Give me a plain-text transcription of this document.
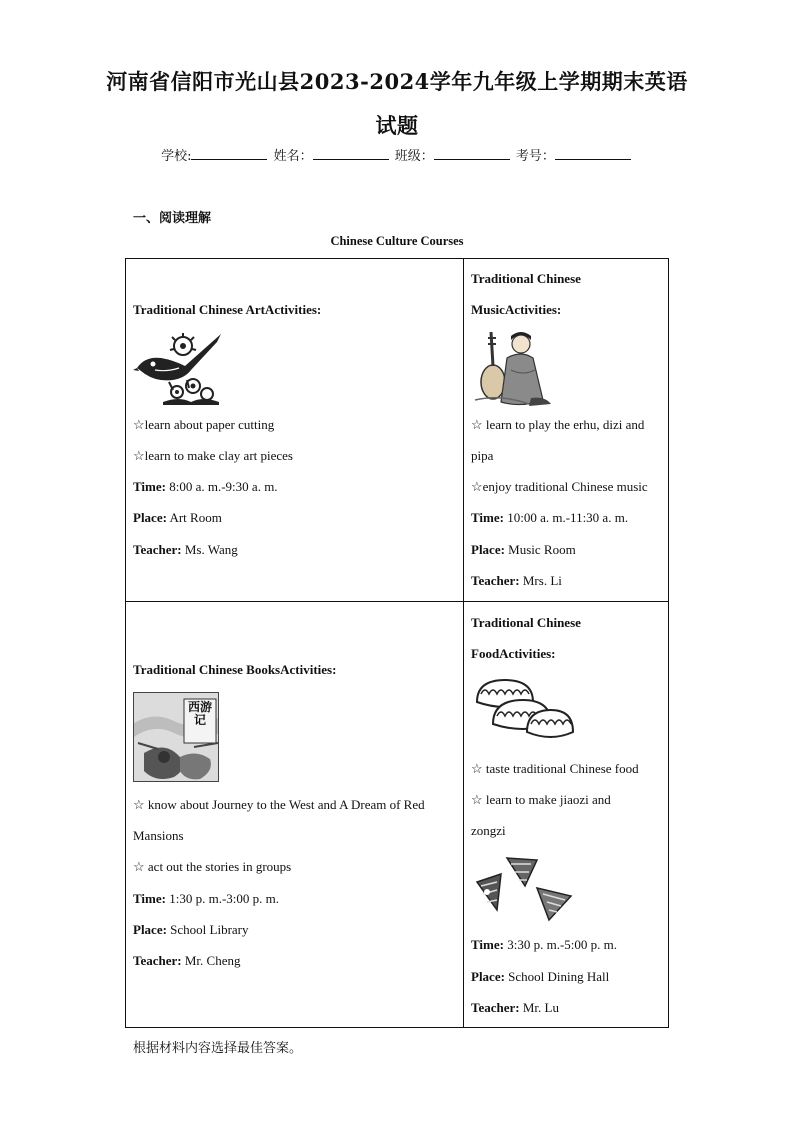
河南省信阳市光山县2023-2024学年九年级上学期期末英语
试题
学校:	姓名：	班级：	考号：
一、阅读理解
Chinese Culture Courses
Traditional Chinese ArtActivities:
☆learn about paper cutting
☆learn to make clay art pieces
Time: 8:00 a. m.-9:30 a. m.
Place: Art Room
Teacher: Ms. Wang
Traditional Chinese
MusicActivities:
☆ learn to play the erhu, dizi and
pipa
☆enjoy traditional Chinese music
Time: 10:00 a. m.-11:30 a. m.
Place: Music Room
Teacher: Mrs. Li
Traditional Chinese BooksActivities:
西游记
☆ know about Journey to the West and A Dream of Red
Mansions
☆ act out the stories in groups
Time: 1:30 p. m.-3:00 p. m.
Place: School Library
Teacher: Mr. Cheng
Traditional Chinese
FoodActivities:
☆ taste traditional Chinese food
☆ learn to make jiaozi and
zongzi
Time: 3:30 p. m.-5:00 p. m.
Place: School Dining Hall
Teacher: Mr. Lu
根据材料内容选择最佳答案。
